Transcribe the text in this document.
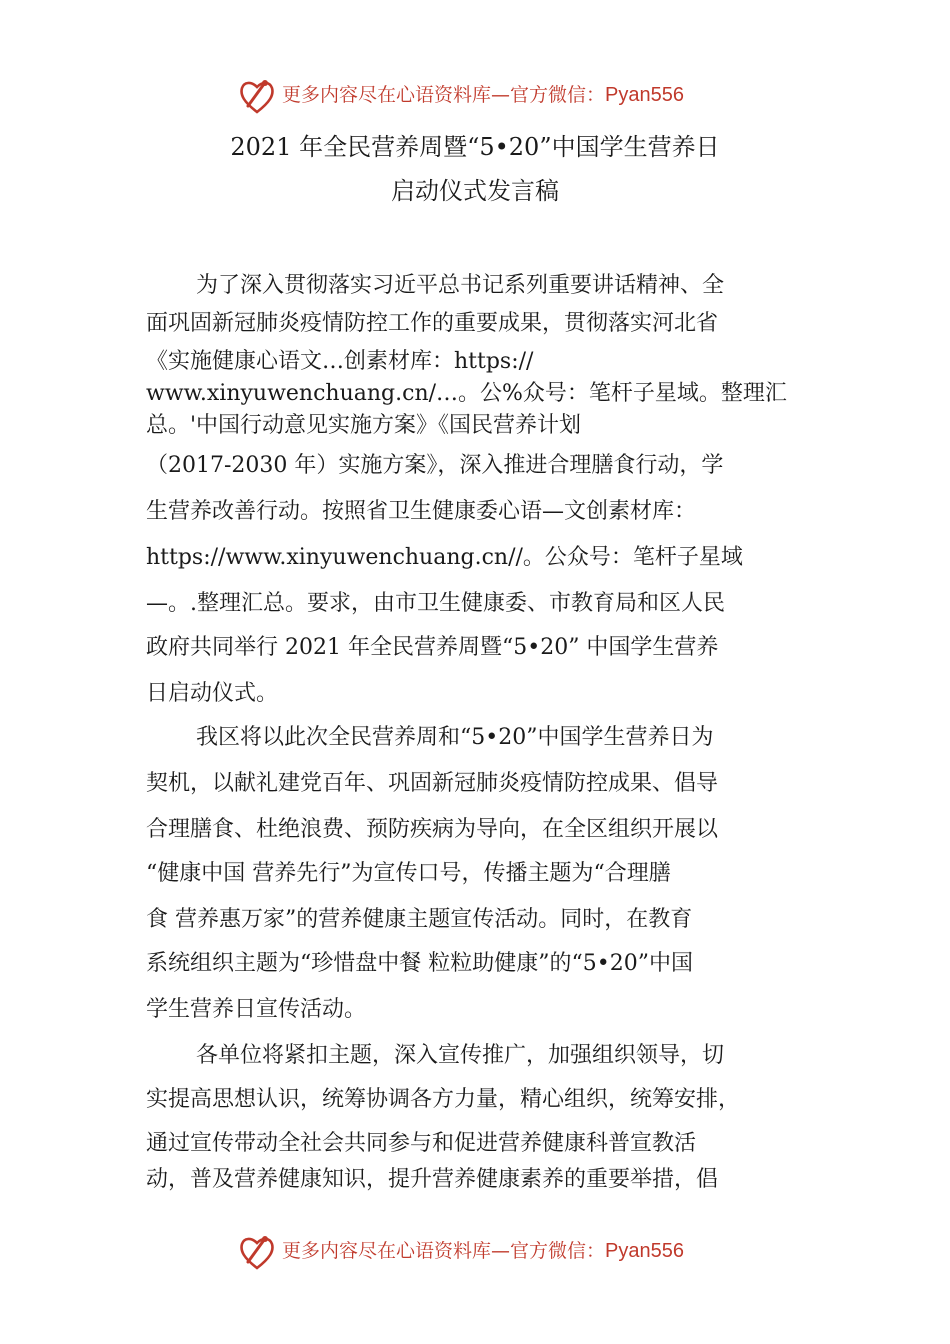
更多内容尽在心语资料库—官方微信：Pyan556
2021 年全民营养周暨“5•20”中国学生营养日
启动仪式发言稿
为了深入贯彻落实习近平总书记系列重要讲话精神、全
面巩固新冠肺炎疫情防控工作的重要成果，贯彻落实河北省
《实施健康心语文…创素材库：https://
www.xinyuwenchuang.cn/…。公%众号：笔杆子星域。整理汇
总。'中国行动意见实施方案》《国民营养计划
（2017-2030 年）实施方案》，深入推进合理膳食行动，学
生营养改善行动。按照省卫生健康委心语—文创素材库：
https://www.xinyuwenchuang.cn//。公众号：笔杆子星域
—。.整理汇总。要求，由市卫生健康委、市教育局和区人民
政府共同举行 2021 年全民营养周暨“5•20” 中国学生营养
日启动仪式。
我区将以此次全民营养周和“5•20”中国学生营养日为
契机，以献礼建党百年、巩固新冠肺炎疫情防控成果、倡导
合理膳食、杜绝浪费、预防疾病为导向，在全区组织开展以
“健康中国 营养先行”为宣传口号，传播主题为“合理膳
食 营养惠万家”的营养健康主题宣传活动。同时，在教育
系统组织主题为“珍惜盘中餐 粒粒助健康”的“5•20”中国
学生营养日宣传活动。
各单位将紧扣主题，深入宣传推广，加强组织领导，切
实提高思想认识，统筹协调各方力量，精心组织，统筹安排，
通过宣传带动全社会共同参与和促进营养健康科普宣教活
动，普及营养健康知识，提升营养健康素养的重要举措，倡
更多内容尽在心语资料库—官方微信：Pyan556
